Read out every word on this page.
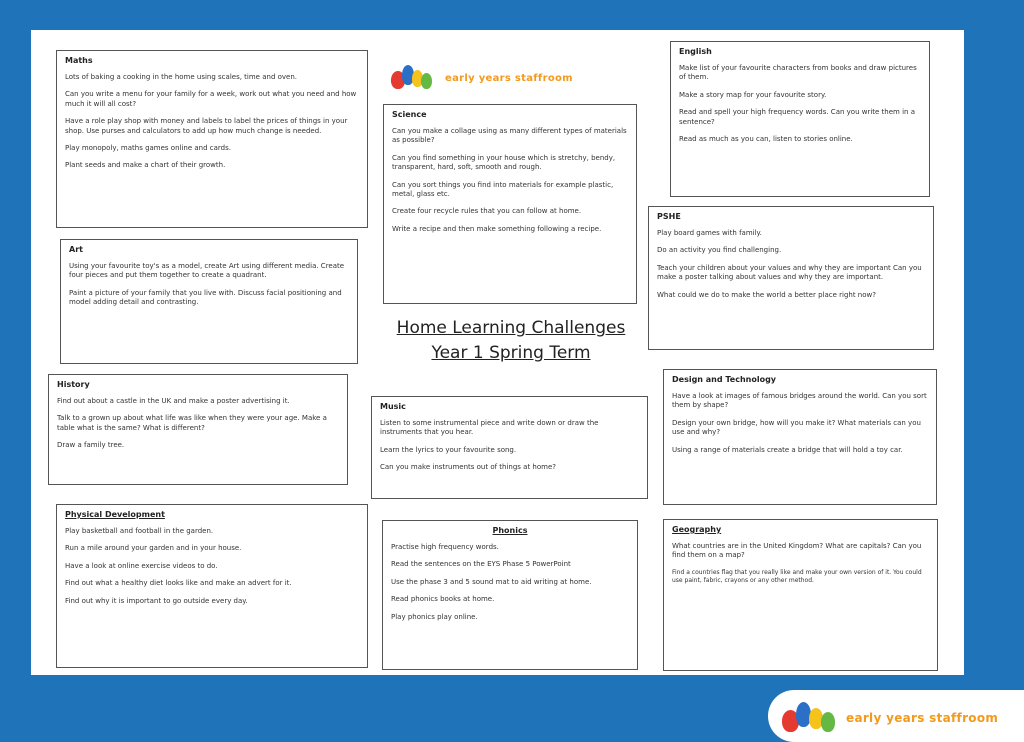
early years staffroom
Home Learning Challenges
Year 1 Spring Term
Maths

Lots of baking a cooking in the home using scales, time and oven.

Can you write a menu for your family for a week, work out what you need and how much it will all cost?

Have a role play shop with money and labels to label the prices of things in your shop. Use purses and calculators to add up how much change is needed.

Play monopoly, maths games online and cards.

Plant seeds and make a chart of their growth.

Art

Using your favourite toy's as a model, create Art using different media. Create four pieces and put them together to create a quadrant.

Paint a picture of your family that you live with. Discuss facial positioning and model adding detail and contrasting.

History

Find out about a castle in the UK and make a poster advertising it.

Talk to a grown up about what life was like when they were your age. Make a table what is the same? What is different?

Draw a family tree.

Physical Development

Play basketball and football in the garden.

Run a mile around your garden and in your house.

Have a look at online exercise videos to do.

Find out what a healthy diet looks like and make an advert for it.

Find out why it is important to go outside every day.

Science

Can you make a collage using as many different types of materials as possible?

Can you find something in your house which is stretchy, bendy, transparent, hard, soft, smooth and rough.

Can you sort things you find into materials for example plastic, metal, glass etc.

Create four recycle rules that you can follow at home.

Write a recipe and then make something following a recipe.

Music

Listen to some instrumental piece and write down or draw the instruments that you hear.

Learn the lyrics to your favourite song.

Can you make instruments out of things at home?

Phonics

Practise high frequency words.

Read the sentences on the EYS Phase 5 PowerPoint

Use the phase 3 and 5 sound mat to aid writing at home.

Read phonics books at home.

Play phonics play online.

English

Make list of your favourite characters from books and draw pictures of them.

Make a story map for your favourite story.

Read and spell your high frequency words. Can you write them in a sentence?

Read as much as you can, listen to stories online.

PSHE

Play board games with family.

Do an activity you find challenging.

Teach your children about your values and why they are important Can you make a poster talking about values and why they are important.

What could we do to make the world a better place right now?

Design and Technology

Have a look at images of famous bridges around the world. Can you sort them by shape?

Design your own bridge, how will you make it? What materials can you use and why?

Using a range of materials create a bridge that will hold a toy car.

Geography

What countries are in the United Kingdom? What are capitals? Can you find them on a map?

Find a countries flag that you really like and make your own version of it. You could use paint, fabric, crayons or any other method.

early years staffroom
